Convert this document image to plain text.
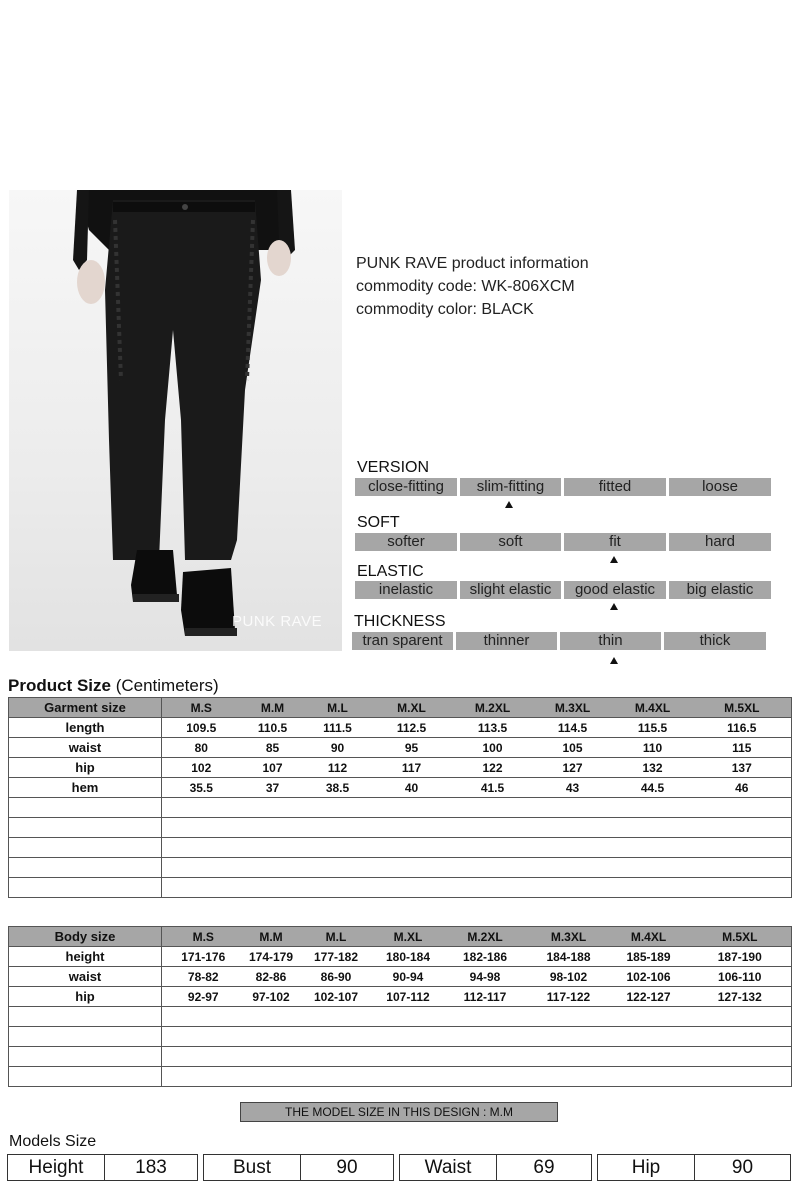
PUNK RAVE
PUNK RAVE product information
commodity code: WK-806XCM
commodity color: BLACK
VERSION
close-fitting	slim-fitting	fitted	loose
SOFT
softer	soft	fit	hard
ELASTIC
inelastic	slight elastic	good elastic	big elastic
THICKNESS
tran sparent	thinner	thin	thick
Product Size (Centimeters)
Garment size	M.S	M.M	M.L	M.XL	M.2XL	M.3XL	M.4XL	M.5XL
length	109.5	110.5	111.5	112.5	113.5	114.5	115.5	116.5
waist	80	85	90	95	100	105	110	115
hip	102	107	112	117	122	127	132	137
hem	35.5	37	38.5	40	41.5	43	44.5	46

Body size	M.S	M.M	M.L	M.XL	M.2XL	M.3XL	M.4XL	M.5XL
height	171-176	174-179	177-182	180-184	182-186	184-188	185-189	187-190
waist	78-82	82-86	86-90	90-94	94-98	98-102	102-106	106-110
hip	92-97	97-102	102-107	107-112	112-117	117-122	122-127	127-132

THE MODEL SIZE IN THIS DESIGN : M.M
Models Size
Height	183	Bust	90	Waist	69	Hip	90
